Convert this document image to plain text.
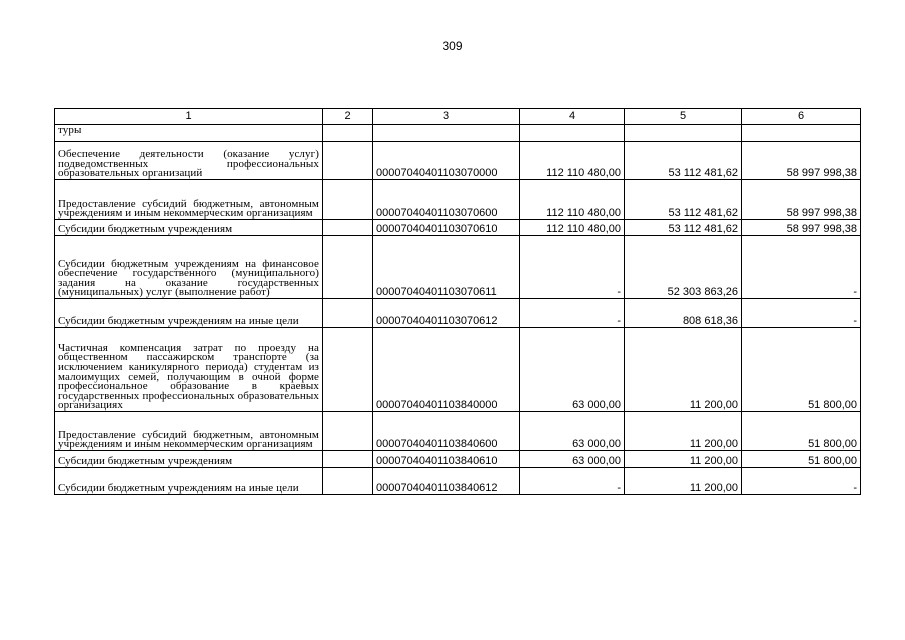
309
1	2	3	4	5	6
туры					
Обеспечение деятельности (оказание услуг) подведомственных профессиональных образовательных организаций		00007040401103070000	112 110 480,00	53 112 481,62	58 997 998,38
Предоставление субсидий бюджетным, автономным учреждениям и иным некоммерческим организациям		00007040401103070600	112 110 480,00	53 112 481,62	58 997 998,38
Субсидии бюджетным учреждениям		00007040401103070610	112 110 480,00	53 112 481,62	58 997 998,38
Субсидии бюджетным учреждениям на финансовое обеспечение государственного (муниципального) задания на оказание государственных (муниципальных) услуг (выполнение работ)		00007040401103070611	-	52 303 863,26	-
Субсидии бюджетным учреждениям на иные цели		00007040401103070612	-	808 618,36	-
Частичная компенсация затрат по проезду на общественном пассажирском транспорте (за исключением каникулярного периода) студентам из малоимущих семей, получающим в очной форме профессиональное образование в краевых государственных профессиональных образовательных организациях		00007040401103840000	63 000,00	11 200,00	51 800,00
Предоставление субсидий бюджетным, автономным учреждениям и иным некоммерческим организациям		00007040401103840600	63 000,00	11 200,00	51 800,00
Субсидии бюджетным учреждениям		00007040401103840610	63 000,00	11 200,00	51 800,00
Субсидии бюджетным учреждениям на иные цели		00007040401103840612	-	11 200,00	-
